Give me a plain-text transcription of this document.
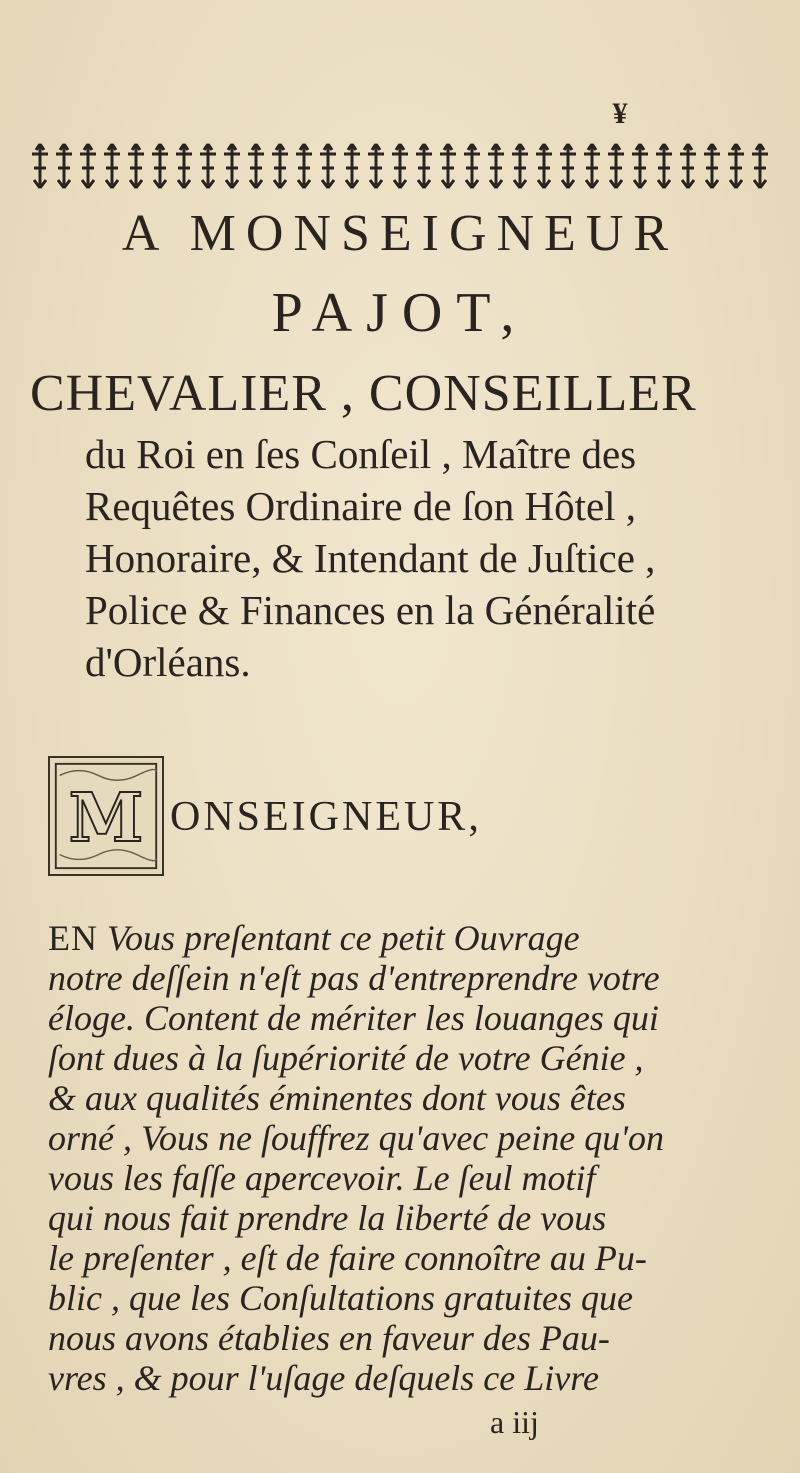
¥
A MONSEIGNEUR
PAJOT,
CHEVALIER , CONSEILLER
du Roi en ſes Conſeil , Maître des
Requêtes Ordinaire de ſon Hôtel ,
Honoraire, & Intendant de Juſtice ,
Police & Finances en la Généralité
d'Orléans.
M ONSEIGNEUR,
EN Vous preſentant ce petit Ouvrage
notre deſſein n'eſt pas d'entreprendre votre
éloge. Content de mériter les louanges qui
ſont dues à la ſupériorité de votre Génie ,
& aux qualités éminentes dont vous êtes
orné , Vous ne ſouffrez qu'avec peine qu'on
vous les faſſe apercevoir. Le ſeul motif
qui nous fait prendre la liberté de vous
le preſenter , eſt de faire connoître au Pu-
blic , que les Conſultations gratuites que
a iij
nous avons établies en faveur des Pau-
vres , & pour l'uſage deſquels ce Livre
